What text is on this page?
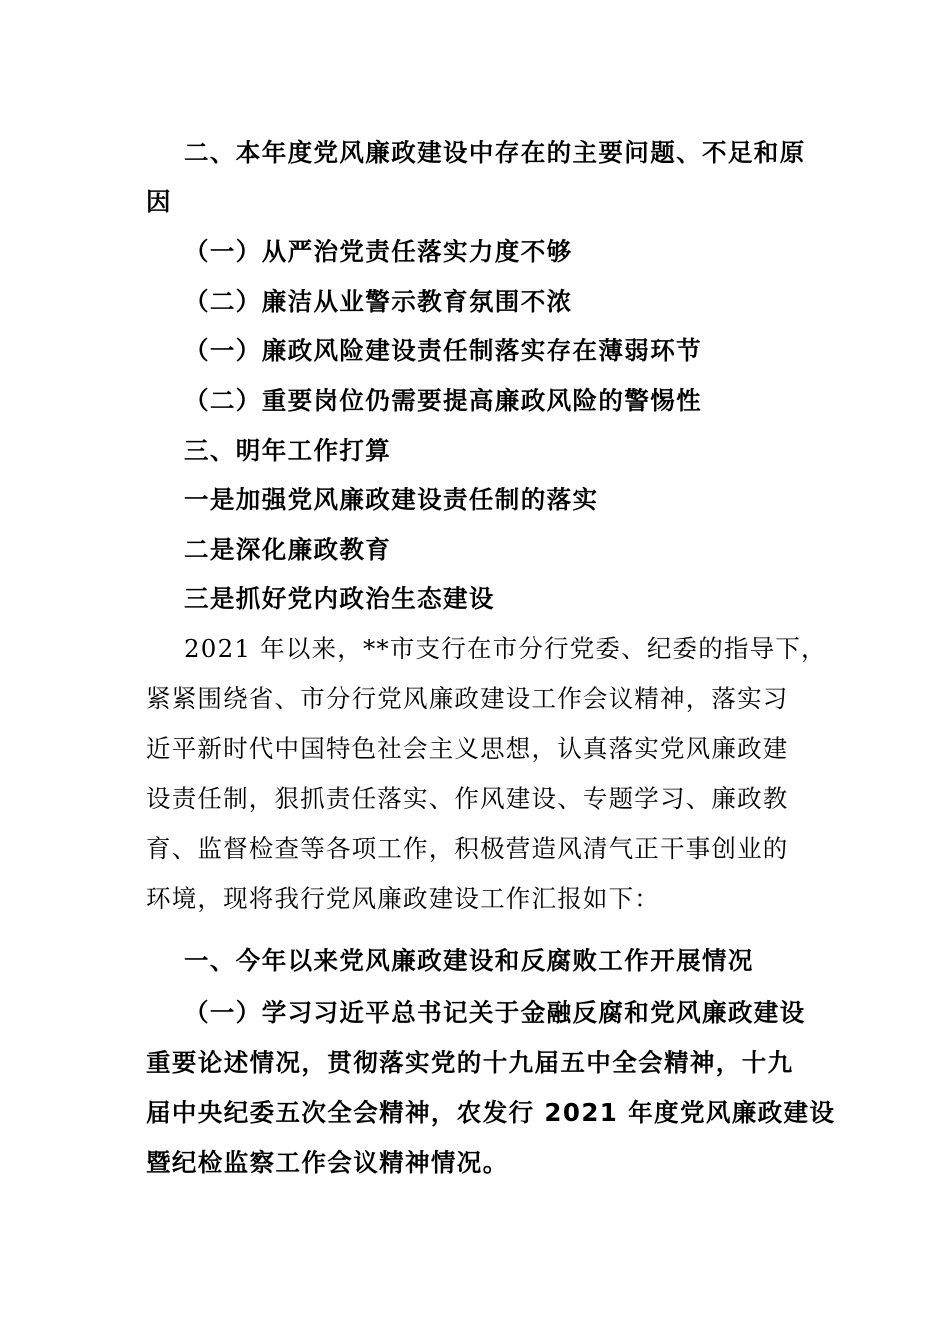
二、本年度党风廉政建设中存在的主要问题、不足和原
因
（一）从严治党责任落实力度不够
（二）廉洁从业警示教育氛围不浓
（一）廉政风险建设责任制落实存在薄弱环节
（二）重要岗位仍需要提高廉政风险的警惕性
三、明年工作打算
一是加强党风廉政建设责任制的落实
二是深化廉政教育
三是抓好党内政治生态建设
2021 年以来，**市支行在市分行党委、纪委的指导下，
紧紧围绕省、市分行党风廉政建设工作会议精神，落实习
近平新时代中国特色社会主义思想，认真落实党风廉政建
设责任制，狠抓责任落实、作风建设、专题学习、廉政教
育、监督检查等各项工作，积极营造风清气正干事创业的
环境，现将我行党风廉政建设工作汇报如下：
一、今年以来党风廉政建设和反腐败工作开展情况
（一）学习习近平总书记关于金融反腐和党风廉政建设
重要论述情况，贯彻落实党的十九届五中全会精神，十九
届中央纪委五次全会精神，农发行 2021 年度党风廉政建设
暨纪检监察工作会议精神情况。
